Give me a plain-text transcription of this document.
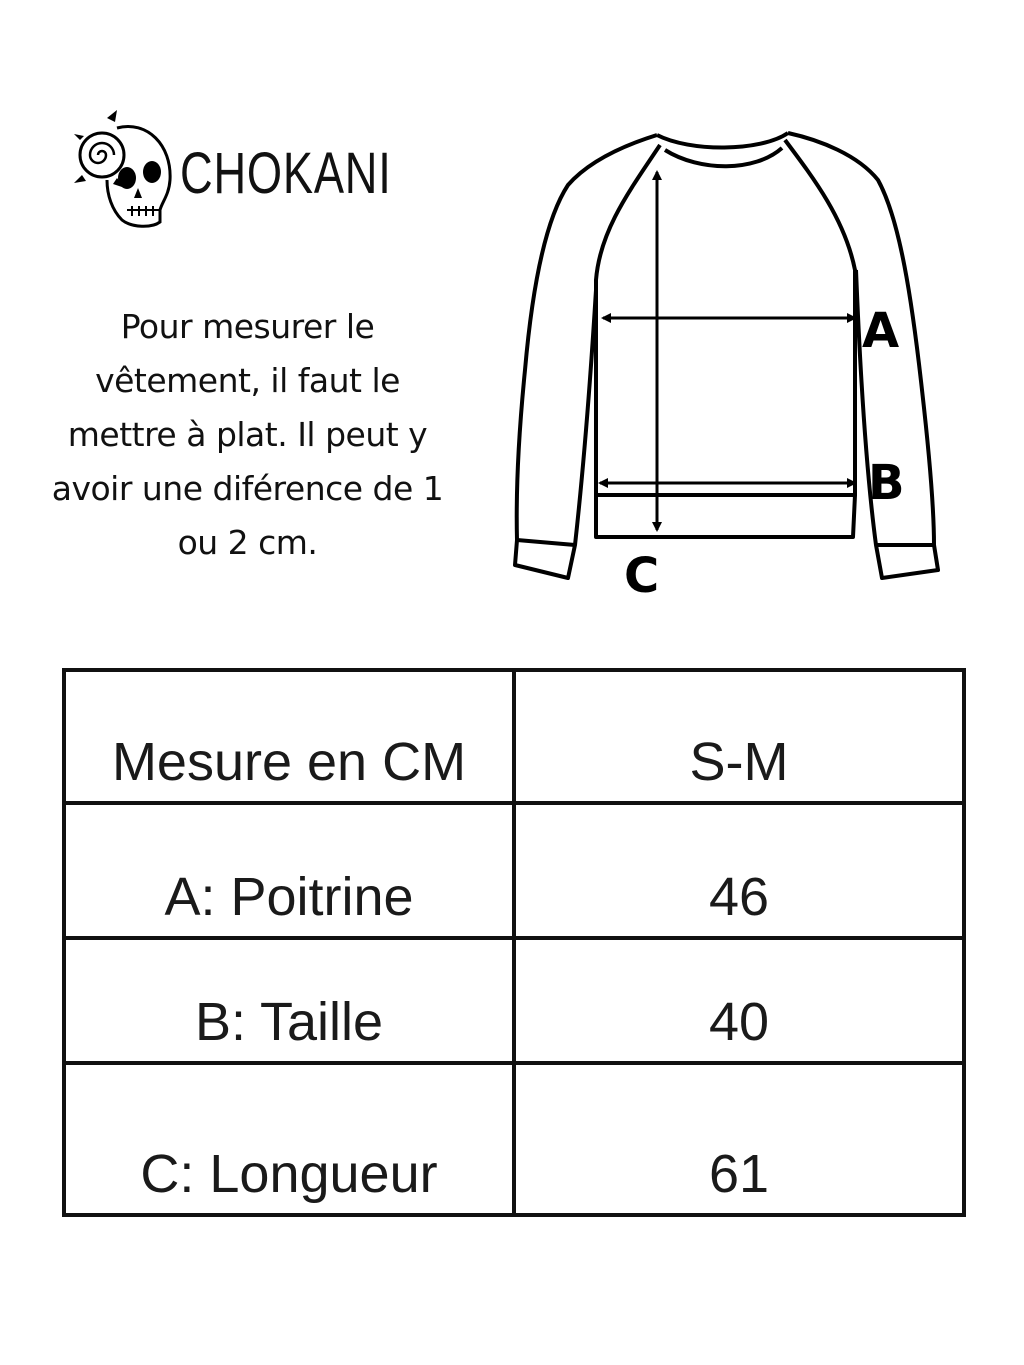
CHOKANI
Pour mesurer le vêtement, il faut le mettre à plat. Il peut y avoir une diférence de 1 ou 2 cm.
A
B
C
Mesure en CM	S-M
A: Poitrine	46
B: Taille	40
C: Longueur	61
